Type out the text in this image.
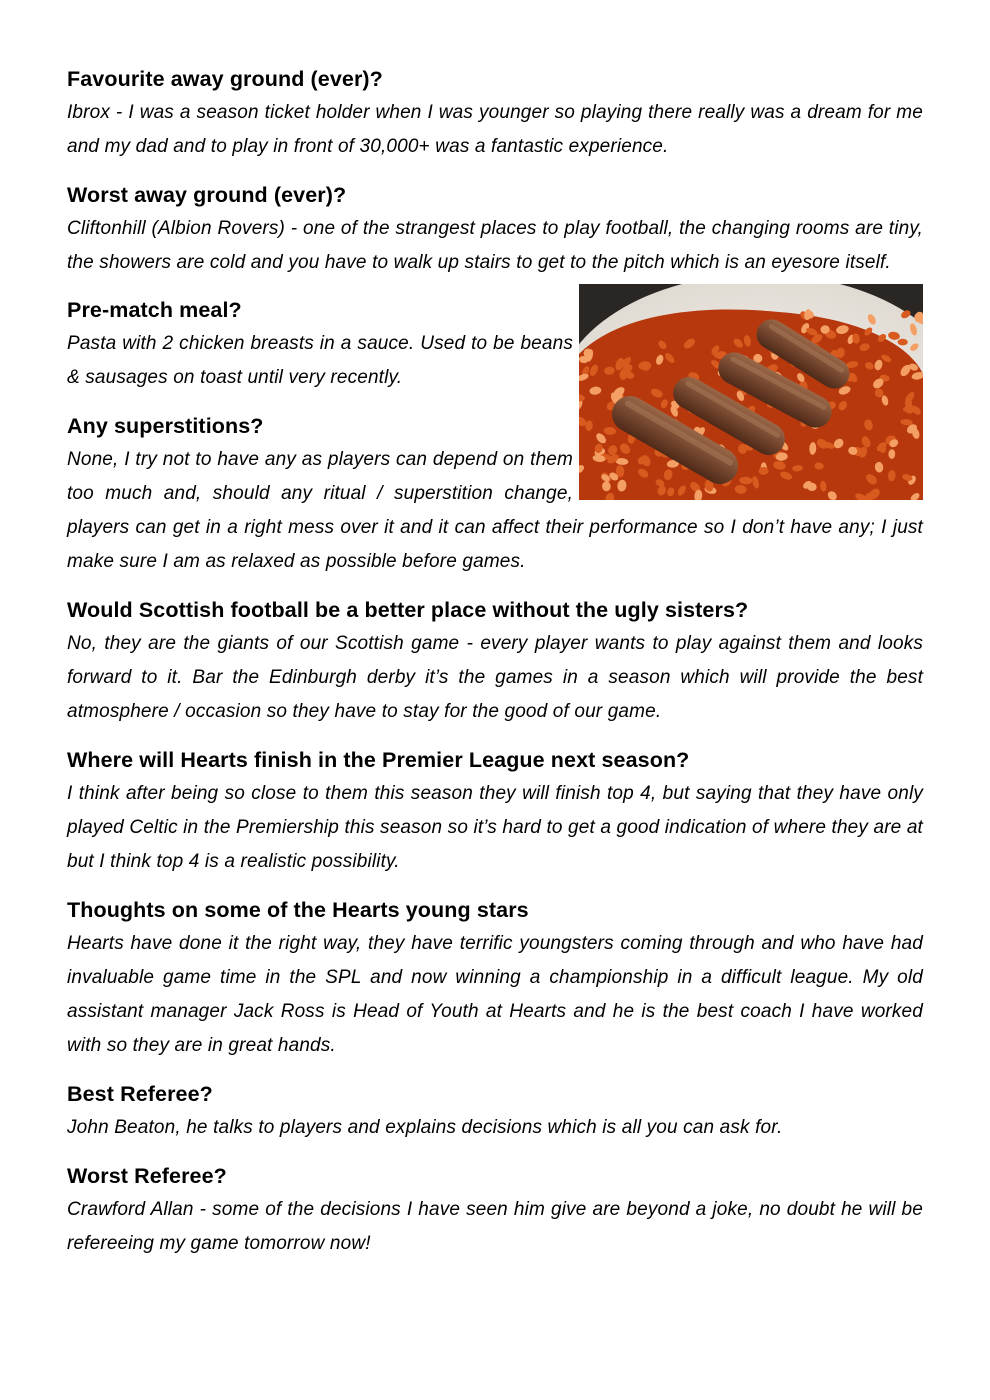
Favourite away ground (ever)?

Ibrox - I was a season ticket holder when I was younger so playing there really was a dream for me and my dad and to play in front of 30,000+ was a fantastic experience.

Worst away ground (ever)?

Cliftonhill (Albion Rovers) - one of the strangest places to play football, the changing rooms are tiny, the showers are cold and you have to walk up stairs to get to the pitch which is an eyesore itself.

Pre-match meal?

Pasta with 2 chicken breasts in a sauce. Used to be beans & sausages on toast until very recently.

Any superstitions?

None, I try not to have any as players can depend on them too much and, should any ritual / superstition change, players can get in a right mess over it and it can affect their performance so I don’t have any; I just make sure I am as relaxed as possible before games.

Would Scottish football be a better place without the ugly sisters?

No, they are the giants of our Scottish game - every player wants to play against them and looks forward to it. Bar the Edinburgh derby it’s the games in a season which will provide the best atmosphere / occasion so they have to stay for the good of our game.

Where will Hearts finish in the Premier League next season?

I think after being so close to them this season they will finish top 4, but saying that they have only played Celtic in the Premiership this season so it’s hard to get a good indication of where they are at but I think top 4 is a realistic possibility.

Thoughts on some of the Hearts young stars

Hearts have done it the right way, they have terrific youngsters coming through and who have had invaluable game time in the SPL and now winning a championship in a difficult league. My old assistant manager Jack Ross is Head of Youth at Hearts and he is the best coach I have worked with so they are in great hands.

Best Referee?

John Beaton, he talks to players and explains decisions which is all you can ask for.

Worst Referee?

Crawford Allan - some of the decisions I have seen him give are beyond a joke, no doubt he will be refereeing my game tomorrow now!
